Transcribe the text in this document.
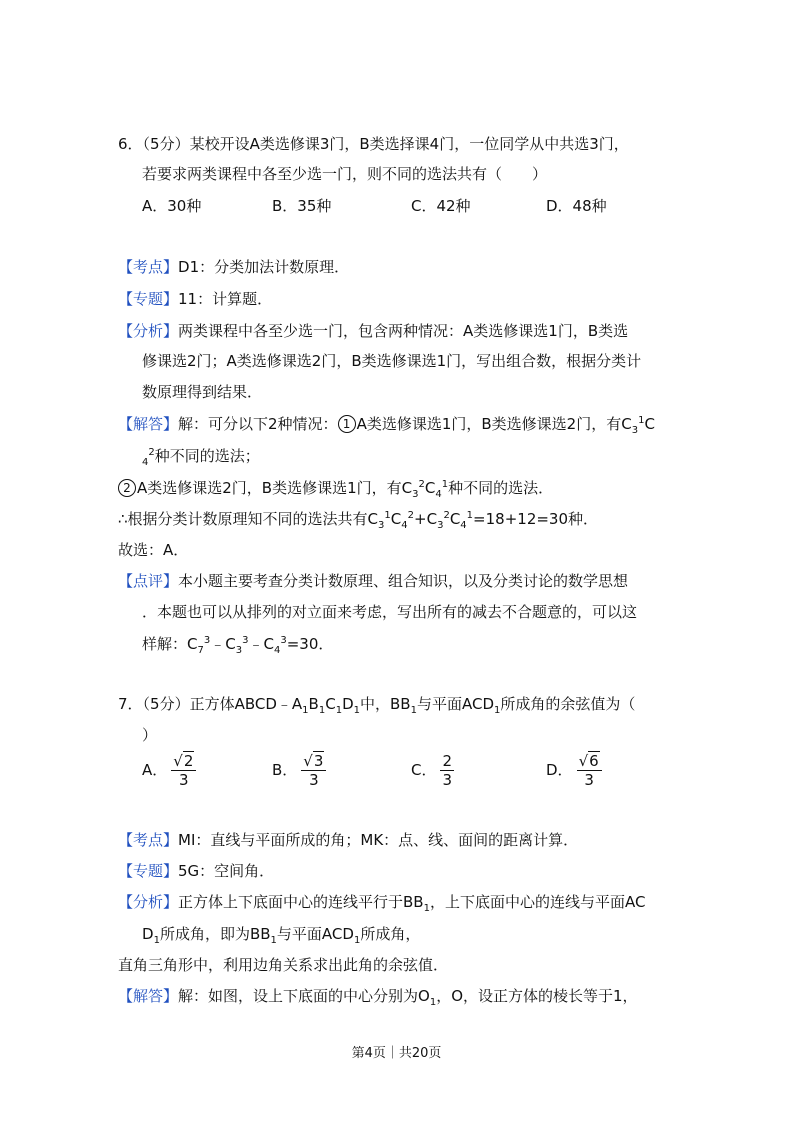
6．（5分）某校开设A类选修课3门，B类选择课4门，一位同学从中共选3门，
若要求两类课程中各至少选一门，则不同的选法共有（　　）
A．30种	B．35种	C．42种	D．48种
【考点】D1：分类加法计数原理．
【专题】11：计算题．
【分析】两类课程中各至少选一门，包含两种情况：A类选修课选1门，B类选
修课选2门；A类选修课选2门，B类选修课选1门，写出组合数，根据分类计
数原理得到结果．
【解答】解：可分以下2种情况： 1 A类选修课选1门，B类选修课选2门，有$C_3^1C$
$_4^2$种不同的选法；
2 A类选修课选2门，B类选修课选1门，有$C_3^2C_4^1$种不同的选法．
∴根据分类计数原理知不同的选法共有$C_3^1C_4^2+C_3^2C_4^1=18+12=30$种．
故选：A．
【点评】本小题主要考查分类计数原理、组合知识，以及分类讨论的数学思想
．本题也可以从排列的对立面来考虑，写出所有的减去不合题意的，可以这
样解：$C_7^3﹣C_3^3﹣C_4^3=30$．
7．（5分）正方体$ABCD﹣A_1B_1C_1D_1$中，$BB_1$与平面$ACD_1$所成角的余弦值为（
）
A． $\frac{√2}{3}$	B． $\frac{√3}{3}$	C． $\frac{2}{3}$	D． $\frac{√6}{3}$
【考点】MI：直线与平面所成的角；MK：点、线、面间的距离计算．
【专题】5G：空间角．
【分析】正方体上下底面中心的连线平行于$BB_1$，上下底面中心的连线与平面AC
$D_1$所成角，即为$BB_1$与平面$ACD_1$所成角，
直角三角形中，利用边角关系求出此角的余弦值．
【解答】解：如图，设上下底面的中心分别为$O_1$，O，设正方体的棱长等于1，
第4页｜共20页
